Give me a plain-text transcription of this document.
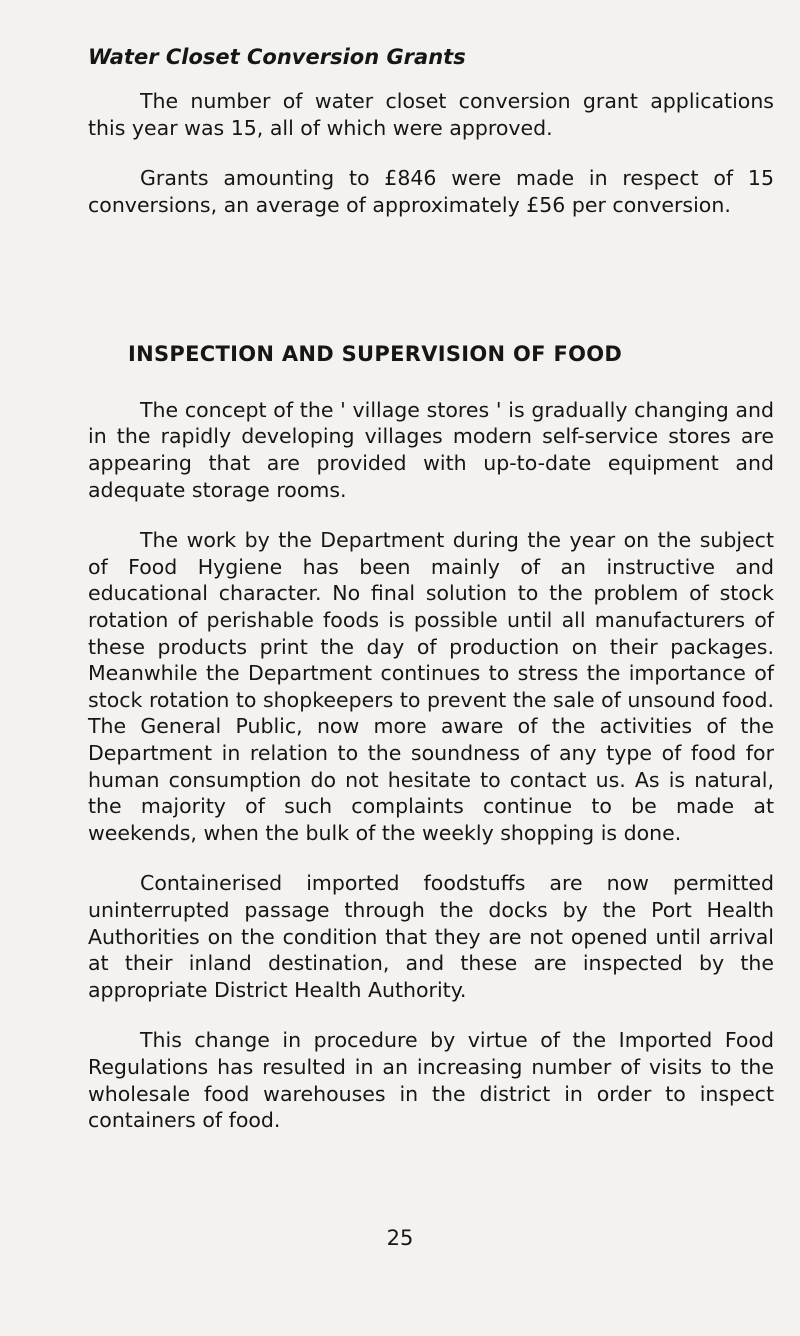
Water Closet Conversion Grants

The number of water closet conversion grant applications this year was 15, all of which were approved.

Grants amounting to £846 were made in respect of 15 conversions, an average of approximately £56 per conversion.

INSPECTION AND SUPERVISION OF FOOD

The concept of the ' village stores ' is gradually changing and in the rapidly developing villages modern self-service stores are appearing that are provided with up-to-date equipment and adequate storage rooms.

The work by the Department during the year on the subject of Food Hygiene has been mainly of an instructive and educational character. No final solution to the problem of stock rotation of perishable foods is possible until all manufacturers of these products print the day of production on their packages. Meanwhile the Department continues to stress the importance of stock rotation to shopkeepers to prevent the sale of unsound food. The General Public, now more aware of the activities of the Department in relation to the soundness of any type of food for human consumption do not hesitate to contact us. As is natural, the majority of such complaints continue to be made at weekends, when the bulk of the weekly shopping is done.

Containerised imported foodstuffs are now permitted uninterrupted passage through the docks by the Port Health Authorities on the condition that they are not opened until arrival at their inland destination, and these are inspected by the appropriate District Health Authority.

This change in procedure by virtue of the Imported Food Regulations has resulted in an increasing number of visits to the wholesale food warehouses in the district in order to inspect containers of food.

25
